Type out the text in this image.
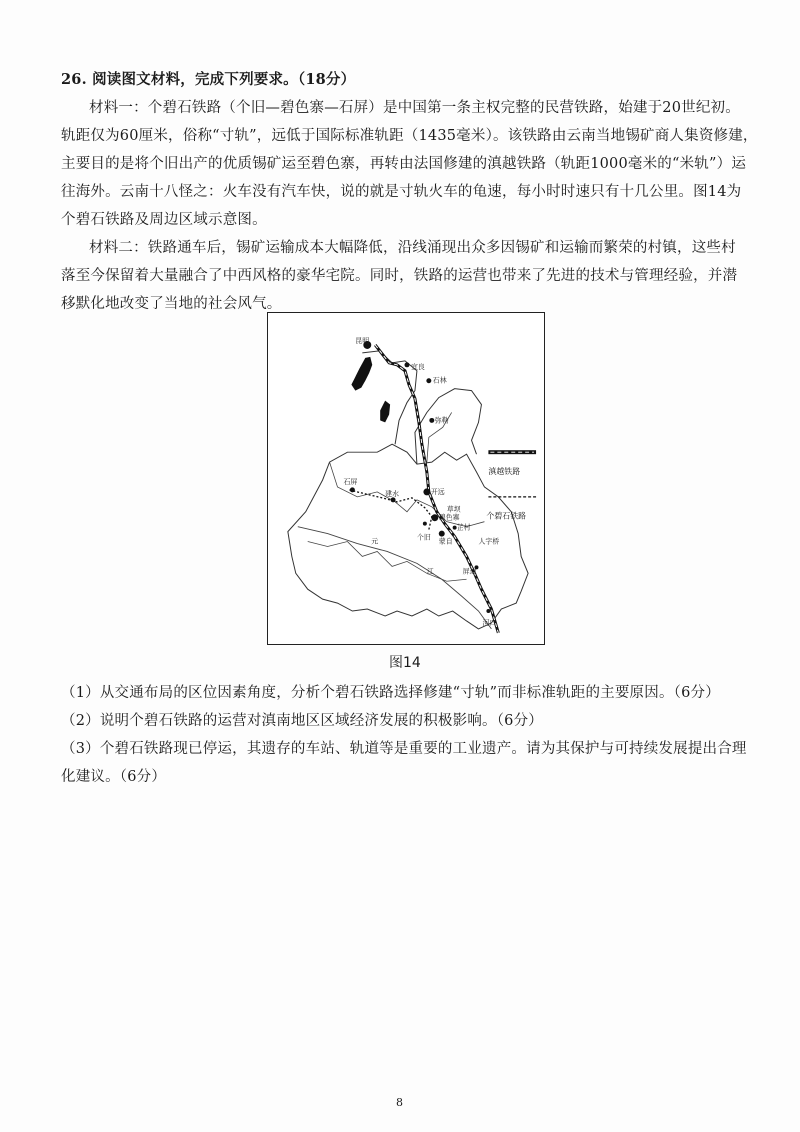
26. 阅读图文材料，完成下列要求。（18分）
材料一：个碧石铁路（个旧—碧色寨—石屏）是中国第一条主权完整的民营铁路，始建于20世纪初。
轨距仅为60厘米，俗称“寸轨”，远低于国际标准轨距（1435毫米）。该铁路由云南当地锡矿商人集资修建，
主要目的是将个旧出产的优质锡矿运至碧色寨，再转由法国修建的滇越铁路（轨距1000毫米的“米轨”）运
往海外。云南十八怪之：火车没有汽车快，说的就是寸轨火车的龟速，每小时时速只有十几公里。图14为
个碧石铁路及周边区域示意图。
材料二：铁路通车后，锡矿运输成本大幅降低，沿线涌现出众多因锡矿和运输而繁荣的村镇，这些村
落至今保留着大量融合了中西风格的豪华宅院。同时，铁路的运营也带来了先进的技术与管理经验，并潜
移默化地改变了当地的社会风气。
昆明
宜良
石林
弥勒
开远
石屏
建水
碧色寨
个旧 蒙自
草坝
芷村
人字桥
屏边
河口
元
江
滇越铁路
个碧石铁路
图14
（1）从交通布局的区位因素角度，分析个碧石铁路选择修建“寸轨”而非标准轨距的主要原因。（6分）
（2）说明个碧石铁路的运营对滇南地区区域经济发展的积极影响。（6分）
（3）个碧石铁路现已停运，其遗存的车站、轨道等是重要的工业遗产。请为其保护与可持续发展提出合理
化建议。（6分）
8
